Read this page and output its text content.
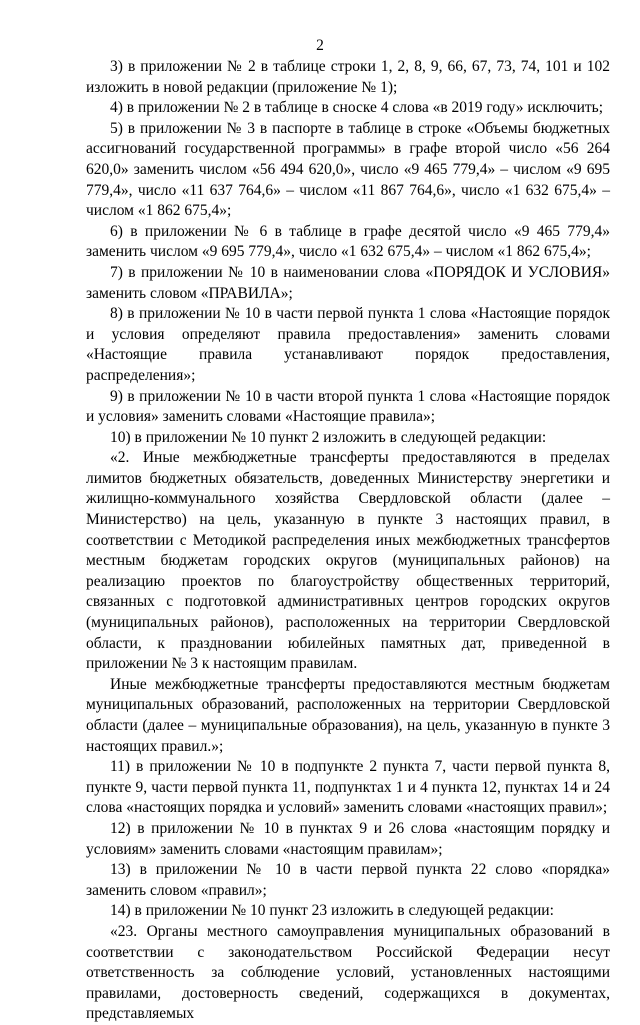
2

3) в приложении № 2 в таблице строки 1, 2, 8, 9, 66, 67, 73, 74, 101 и 102 изложить в новой редакции (приложение № 1);

4) в приложении № 2 в таблице в сноске 4 слова «в 2019 году» исключить;

5) в приложении № 3 в паспорте в таблице в строке «Объемы бюджетных ассигнований государственной программы» в графе второй число «56 264 620,0» заменить числом «56 494 620,0», число «9 465 779,4» – числом «9 695 779,4», число «11 637 764,6» – числом «11 867 764,6», число «1 632 675,4» – числом «1 862 675,4»;

6) в приложении № 6 в таблице в графе десятой число «9 465 779,4» заменить числом «9 695 779,4», число «1 632 675,4» – числом «1 862 675,4»;

7) в приложении № 10 в наименовании слова «ПОРЯДОК И УСЛОВИЯ» заменить словом «ПРАВИЛА»;

8) в приложении № 10 в части первой пункта 1 слова «Настоящие порядок и условия определяют правила предоставления» заменить словами «Настоящие правила устанавливают порядок предоставления, распределения»;

9) в приложении № 10 в части второй пункта 1 слова «Настоящие порядок и условия» заменить словами «Настоящие правила»;

10) в приложении № 10 пункт 2 изложить в следующей редакции:

«2. Иные межбюджетные трансферты предоставляются в пределах лимитов бюджетных обязательств, доведенных Министерству энергетики и жилищно-коммунального хозяйства Свердловской области (далее – Министерство) на цель, указанную в пункте 3 настоящих правил, в соответствии с Методикой распределения иных межбюджетных трансфертов местным бюджетам городских округов (муниципальных районов) на реализацию проектов по благоустройству общественных территорий, связанных с подготовкой административных центров городских округов (муниципальных районов), расположенных на территории Свердловской области, к праздновании юбилейных памятных дат, приведенной в приложении № 3 к настоящим правилам.

Иные межбюджетные трансферты предоставляются местным бюджетам муниципальных образований, расположенных на территории Свердловской области (далее – муниципальные образования), на цель, указанную в пункте 3 настоящих правил.»;

11) в приложении № 10 в подпункте 2 пункта 7, части первой пункта 8, пункте 9, части первой пункта 11, подпунктах 1 и 4 пункта 12, пунктах 14 и 24 слова «настоящих порядка и условий» заменить словами «настоящих правил»;

12) в приложении № 10 в пунктах 9 и 26 слова «настоящим порядку и условиям» заменить словами «настоящим правилам»;

13) в приложении № 10 в части первой пункта 22 слово «порядка» заменить словом «правил»;

14) в приложении № 10 пункт 23 изложить в следующей редакции:

«23. Органы местного самоуправления муниципальных образований в соответствии с законодательством Российской Федерации несут ответственность за соблюдение условий, установленных настоящими правилами, достоверность сведений, содержащихся в документах, представляемых
